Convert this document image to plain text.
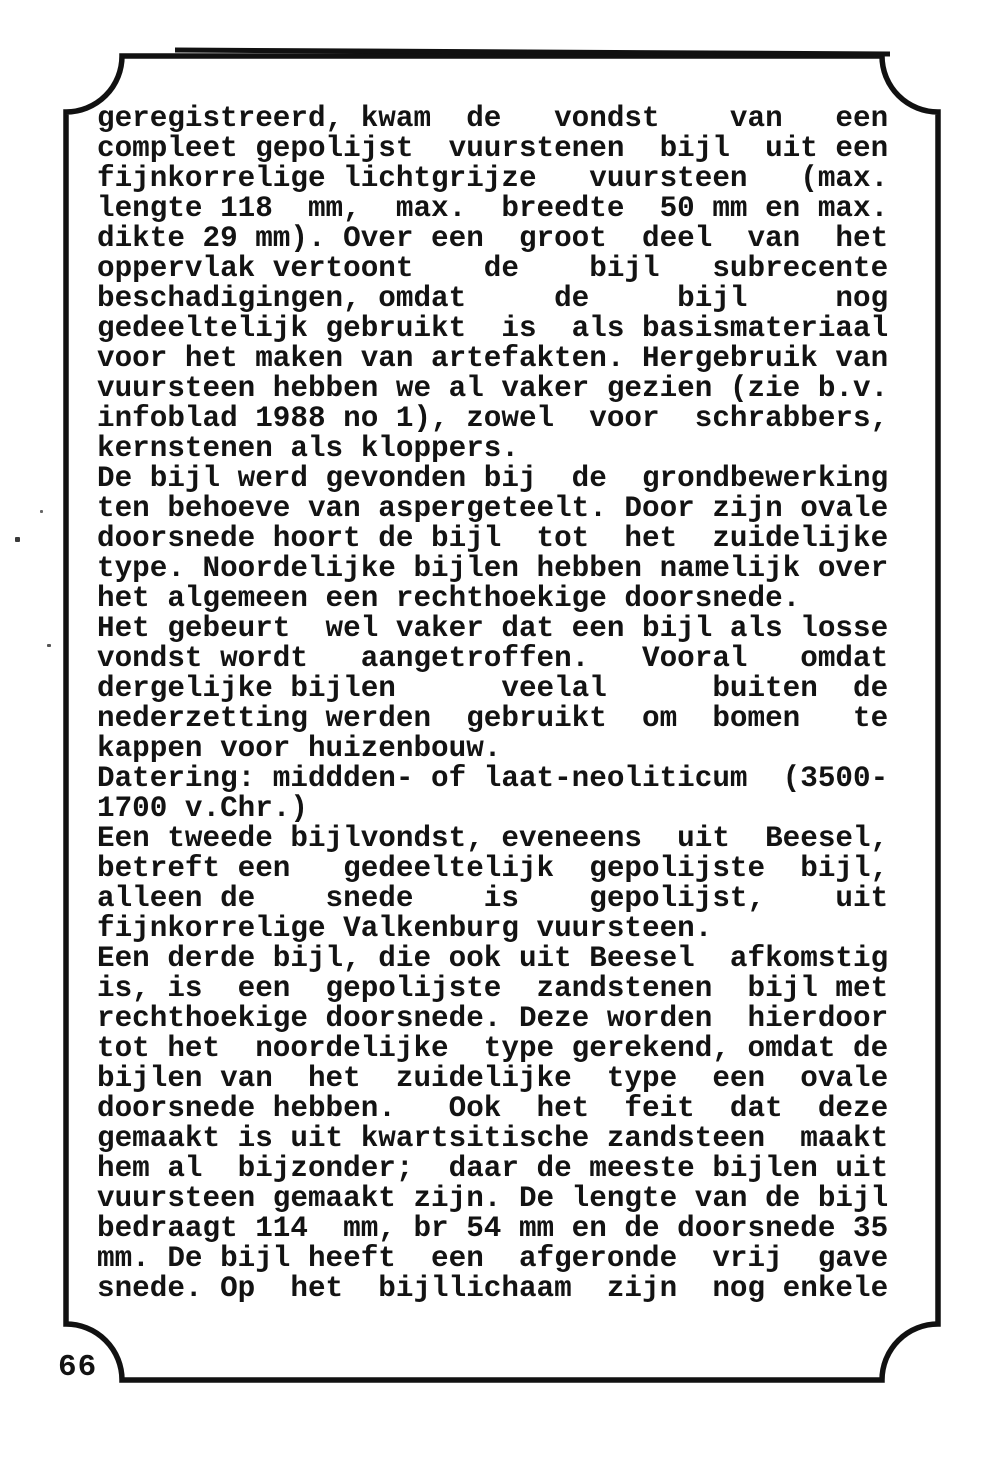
geregistreerd, kwam  de   vondst    van   een
compleet gepolijst  vuurstenen  bijl  uit een
fijnkorrelige lichtgrijze   vuursteen   (max.
lengte 118  mm,  max.  breedte  50 mm en max.
dikte 29 mm). Over een  groot  deel  van  het
oppervlak vertoont    de    bijl   subrecente
beschadigingen, omdat     de     bijl     nog
gedeeltelijk gebruikt  is  als basismateriaal
voor het maken van artefakten. Hergebruik van
vuursteen hebben we al vaker gezien (zie b.v.
infoblad 1988 no 1), zowel  voor  schrabbers,
kernstenen als kloppers.
De bijl werd gevonden bij  de  grondbewerking
ten behoeve van aspergeteelt. Door zijn ovale
doorsnede hoort de bijl  tot  het  zuidelijke
type. Noordelijke bijlen hebben namelijk over
het algemeen een rechthoekige doorsnede.
Het gebeurt  wel vaker dat een bijl als losse
vondst wordt   aangetroffen.   Vooral   omdat
dergelijke bijlen      veelal      buiten  de
nederzetting werden  gebruikt  om  bomen   te
kappen voor huizenbouw.
Datering: middden- of laat-neoliticum  (3500-
1700 v.Chr.)
Een tweede bijlvondst, eveneens  uit  Beesel,
betreft een   gedeeltelijk  gepolijste  bijl,
alleen de    snede    is    gepolijst,    uit
fijnkorrelige Valkenburg vuursteen.
Een derde bijl, die ook uit Beesel  afkomstig
is, is  een  gepolijste  zandstenen  bijl met
rechthoekige doorsnede. Deze worden  hierdoor
tot het  noordelijke  type gerekend, omdat de
bijlen van  het  zuidelijke  type  een  ovale
doorsnede hebben.   Ook  het  feit  dat  deze
gemaakt is uit kwartsitische zandsteen  maakt
hem al  bijzonder;  daar de meeste bijlen uit
vuursteen gemaakt zijn. De lengte van de bijl
bedraagt 114  mm, br 54 mm en de doorsnede 35
mm. De bijl heeft  een  afgeronde  vrij  gave
snede. Op  het  bijllichaam  zijn  nog enkele
66
